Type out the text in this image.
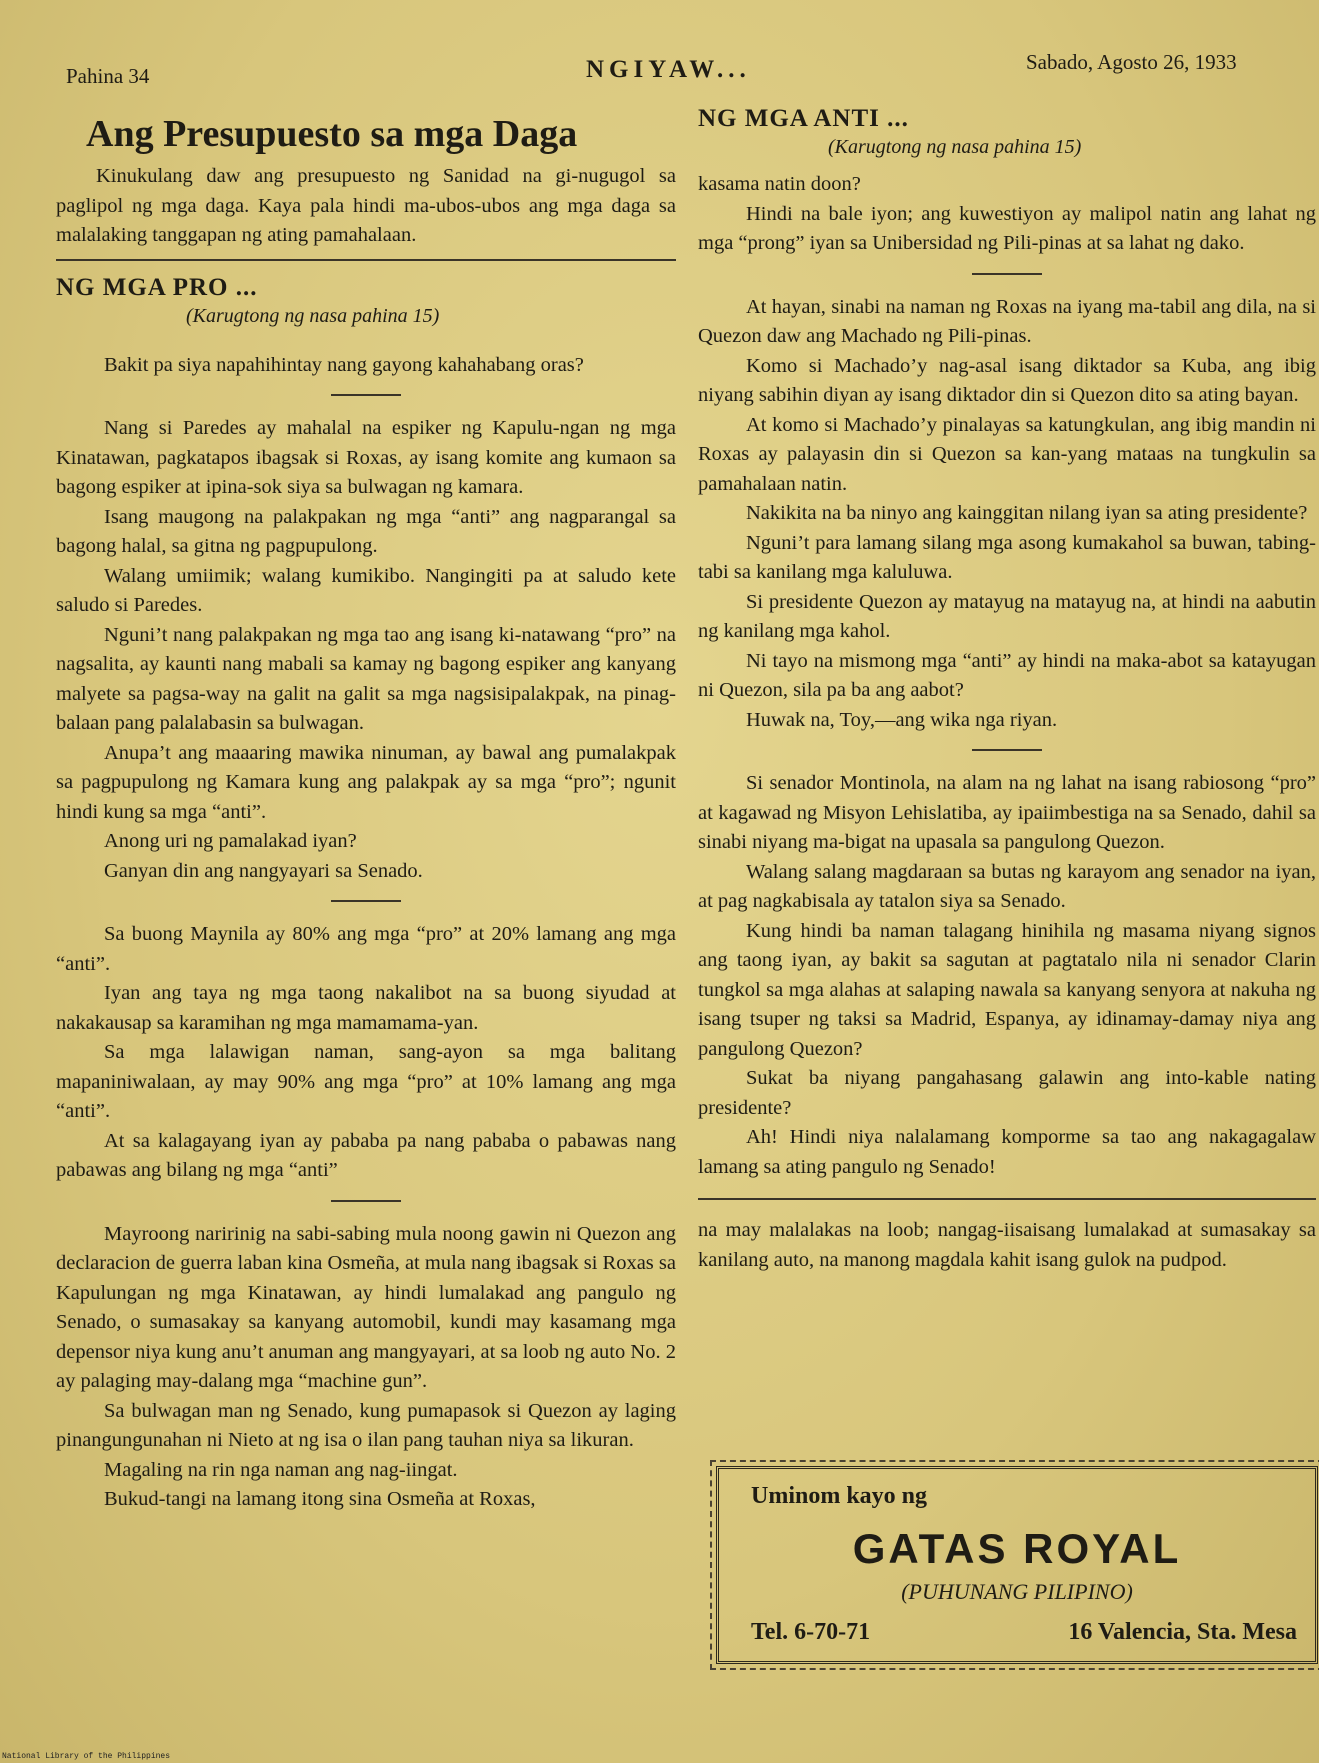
Pahina 34	NGIYAW...	Sabado, Agosto 26, 1933
Ang Presupuesto sa mga Daga

Kinukulang daw ang presupuesto ng Sanidad na gi-nugugol sa paglipol ng mga daga. Kaya pala hindi ma-ubos-ubos ang mga daga sa malalaking tanggapan ng ating pamahalaan.

NG MGA PRO ...
(Karugtong ng nasa pahina 15)

Bakit pa siya napahihintay nang gayong kahahabang oras?

Nang si Paredes ay mahalal na espiker ng Kapulu-ngan ng mga Kinatawan, pagkatapos ibagsak si Roxas, ay isang komite ang kumaon sa bagong espiker at ipina-sok siya sa bulwagan ng kamara.

Isang maugong na palakpakan ng mga “anti” ang nagparangal sa bagong halal, sa gitna ng pagpupulong.

Walang umiimik; walang kumikibo. Nangingiti pa at saludo kete saludo si Paredes.

Nguni’t nang palakpakan ng mga tao ang isang ki-natawang “pro” na nagsalita, ay kaunti nang mabali sa kamay ng bagong espiker ang kanyang malyete sa pagsa-way na galit na galit sa mga nagsisipalakpak, na pinag-balaan pang palalabasin sa bulwagan.

Anupa’t ang maaaring mawika ninuman, ay bawal ang pumalakpak sa pagpupulong ng Kamara kung ang palakpak ay sa mga “pro”; ngunit hindi kung sa mga “anti”.

Anong uri ng pamalakad iyan?

Ganyan din ang nangyayari sa Senado.

Sa buong Maynila ay 80% ang mga “pro” at 20% lamang ang mga “anti”.

Iyan ang taya ng mga taong nakalibot na sa buong siyudad at nakakausap sa karamihan ng mga mamamama-yan.

Sa mga lalawigan naman, sang-ayon sa mga balitang mapaniniwalaan, ay may 90% ang mga “pro” at 10% lamang ang mga “anti”.

At sa kalagayang iyan ay pababa pa nang pababa o pabawas nang pabawas ang bilang ng mga “anti”

Mayroong naririnig na sabi-sabing mula noong gawin ni Quezon ang declaracion de guerra laban kina Osmeña, at mula nang ibagsak si Roxas sa Kapulungan ng mga Kinatawan, ay hindi lumalakad ang pangulo ng Senado, o sumasakay sa kanyang automobil, kundi may kasamang mga depensor niya kung anu’t anuman ang mangyayari, at sa loob ng auto No. 2 ay palaging may-dalang mga “machine gun”.

Sa bulwagan man ng Senado, kung pumapasok si Quezon ay laging pinangungunahan ni Nieto at ng isa o ilan pang tauhan niya sa likuran.

Magaling na rin nga naman ang nag-iingat.

Bukud-tangi na lamang itong sina Osmeña at Roxas,

NG MGA ANTI ...
(Karugtong ng nasa pahina 15)

kasama natin doon?

Hindi na bale iyon; ang kuwestiyon ay malipol natin ang lahat ng mga “prong” iyan sa Unibersidad ng Pili-pinas at sa lahat ng dako.

At hayan, sinabi na naman ng Roxas na iyang ma-tabil ang dila, na si Quezon daw ang Machado ng Pili-pinas.

Komo si Machado’y nag-asal isang diktador sa Kuba, ang ibig niyang sabihin diyan ay isang diktador din si Quezon dito sa ating bayan.

At komo si Machado’y pinalayas sa katungkulan, ang ibig mandin ni Roxas ay palayasin din si Quezon sa kan-yang mataas na tungkulin sa pamahalaan natin.

Nakikita na ba ninyo ang kainggitan nilang iyan sa ating presidente?

Nguni’t para lamang silang mga asong kumakahol sa buwan, tabing-tabi sa kanilang mga kaluluwa.

Si presidente Quezon ay matayug na matayug na, at hindi na aabutin ng kanilang mga kahol.

Ni tayo na mismong mga “anti” ay hindi na maka-abot sa katayugan ni Quezon, sila pa ba ang aabot?

Huwak na, Toy,—ang wika nga riyan.

Si senador Montinola, na alam na ng lahat na isang rabiosong “pro” at kagawad ng Misyon Lehislatiba, ay ipaiimbestiga na sa Senado, dahil sa sinabi niyang ma-bigat na upasala sa pangulong Quezon.

Walang salang magdaraan sa butas ng karayom ang senador na iyan, at pag nagkabisala ay tatalon siya sa Senado.

Kung hindi ba naman talagang hinihila ng masama niyang signos ang taong iyan, ay bakit sa sagutan at pagtatalo nila ni senador Clarin tungkol sa mga alahas at salaping nawala sa kanyang senyora at nakuha ng isang tsuper ng taksi sa Madrid, Espanya, ay idinamay-damay niya ang pangulong Quezon?

Sukat ba niyang pangahasang galawin ang into-kable nating presidente?

Ah! Hindi niya nalalamang komporme sa tao ang nakagagalaw lamang sa ating pangulo ng Senado!

na may malalakas na loob; nangag-iisaisang lumalakad at sumasakay sa kanilang auto, na manong magdala kahit isang gulok na pudpod.

Uminom kayo ng
GATAS ROYAL
(PUHUNANG PILIPINO)
Tel. 6-70-71	16 Valencia, Sta. Mesa
National Library of the Philippines
